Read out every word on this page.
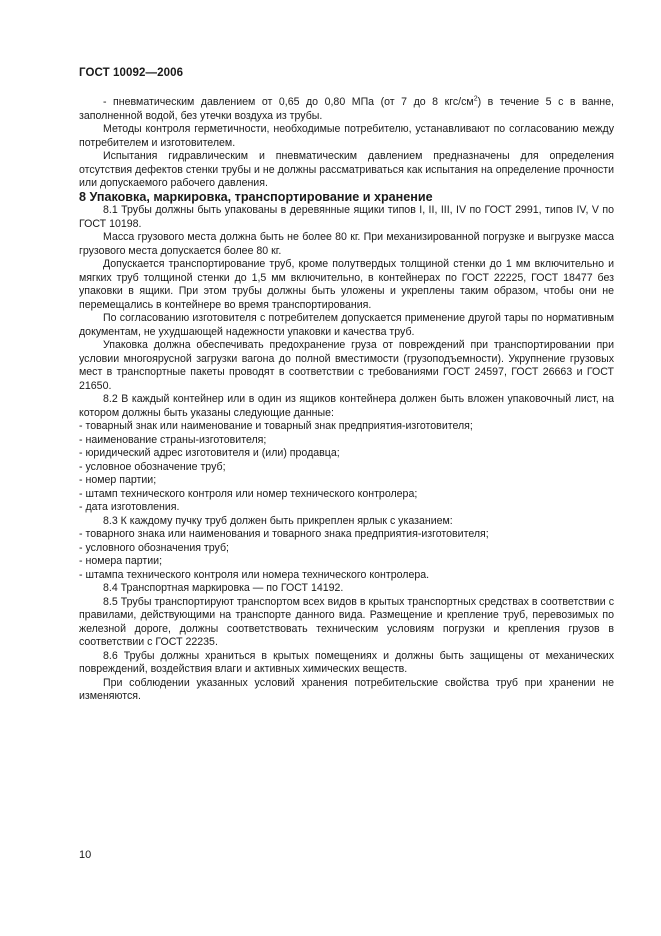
ГОСТ 10092—2006

- пневматическим давлением от 0,65 до 0,80 МПа (от 7 до 8 кгс/$см^2$) в течение 5 с в ванне, заполненной водой, без утечки воздуха из трубы.

Методы контроля герметичности, необходимые потребителю, устанавливают по согласованию между потребителем и изготовителем.

Испытания гидравлическим и пневматическим давлением предназначены для определения отсутствия дефектов стенки трубы и не должны рассматриваться как испытания на определение прочности или допускаемого рабочего давления.

8 Упаковка, маркировка, транспортирование и хранение

8.1 Трубы должны быть упакованы в деревянные ящики типов I, II, III, IV по ГОСТ 2991, типов IV, V по ГОСТ 10198.

Масса грузового места должна быть не более 80 кг. При механизированной погрузке и выгрузке масса грузового места допускается более 80 кг.

Допускается транспортирование труб, кроме полутвердых толщиной стенки до 1 мм включительно и мягких труб толщиной стенки до 1,5 мм включительно, в контейнерах по ГОСТ 22225, ГОСТ 18477 без упаковки в ящики. При этом трубы должны быть уложены и укреплены таким образом, чтобы они не перемещались в контейнере во время транспортирования.

По согласованию изготовителя с потребителем допускается применение другой тары по нормативным документам, не ухудшающей надежности упаковки и качества труб.

Упаковка должна обеспечивать предохранение груза от повреждений при транспортировании при условии многоярусной загрузки вагона до полной вместимости (грузоподъемности). Укрупнение грузовых мест в транспортные пакеты проводят в соответствии с требованиями ГОСТ 24597, ГОСТ 26663 и ГОСТ 21650.

8.2 В каждый контейнер или в один из ящиков контейнера должен быть вложен упаковочный лист, на котором должны быть указаны следующие данные:

- товарный знак или наименование и товарный знак предприятия-изготовителя;

- наименование страны-изготовителя;

- юридический адрес изготовителя и (или) продавца;

- условное обозначение труб;

- номер партии;

- штамп технического контроля или номер технического контролера;

- дата изготовления.

8.3 К каждому пучку труб должен быть прикреплен ярлык с указанием:

- товарного знака или наименования и товарного знака предприятия-изготовителя;

- условного обозначения труб;

- номера партии;

- штампа технического контроля или номера технического контролера.

8.4 Транспортная маркировка — по ГОСТ 14192.

8.5 Трубы транспортируют транспортом всех видов в крытых транспортных средствах в соответствии с правилами, действующими на транспорте данного вида. Размещение и крепление труб, перевозимых по железной дороге, должны соответствовать техническим условиям погрузки и крепления грузов в соответствии с ГОСТ 22235.

8.6 Трубы должны храниться в крытых помещениях и должны быть защищены от механических повреждений, воздействия влаги и активных химических веществ.

При соблюдении указанных условий хранения потребительские свойства труб при хранении не изменяются.

10
